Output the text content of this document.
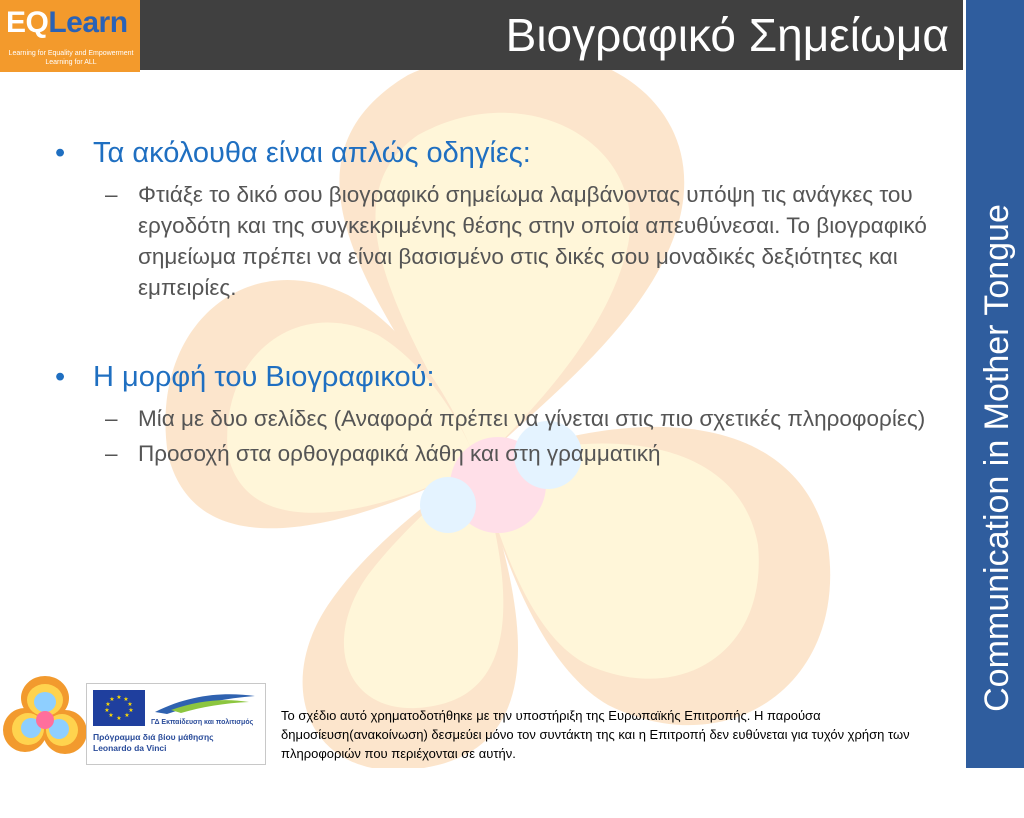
Βιογραφικό Σημείωμα
EQLearn
Learning for Equality and Empowerment
Learning for ALL
Communication in Mother Tongue
• Τα ακόλουθα είναι απλώς οδηγίες:
– Φτιάξε το δικό σου βιογραφικό σημείωμα λαμβάνοντας υπόψη τις ανάγκες του εργοδότη και της συγκεκριμένης θέσης στην οποία απευθύνεσαι. Το βιογραφικό σημείωμα πρέπει να είναι βασισμένο στις δικές σου μοναδικές δεξιότητες και εμπειρίες.
• Η μορφή του Βιογραφικού:
– Μία με δυο σελίδες (Αναφορά πρέπει να γίνεται στις πιο σχετικές πληροφορίες)
– Προσοχή στα ορθογραφικά λάθη και στη γραμματική
★ ★
★
★
★
★
★
★
★
★
ΓΔ Εκπαίδευση και πολιτισμός
Πρόγραμμα διά βίου μάθησης
Leonardo da Vinci
Το σχέδιο αυτό χρηματοδοτήθηκε με την υποστήριξη της Ευρωπαϊκής Επιτροπής. Η παρούσα δημοσίευση(ανακοίνωση) δεσμεύει μόνο τον συντάκτη της και η Επιτροπή δεν ευθύνεται για τυχόν χρήση των πληροφοριών που περιέχονται σε αυτήν.
